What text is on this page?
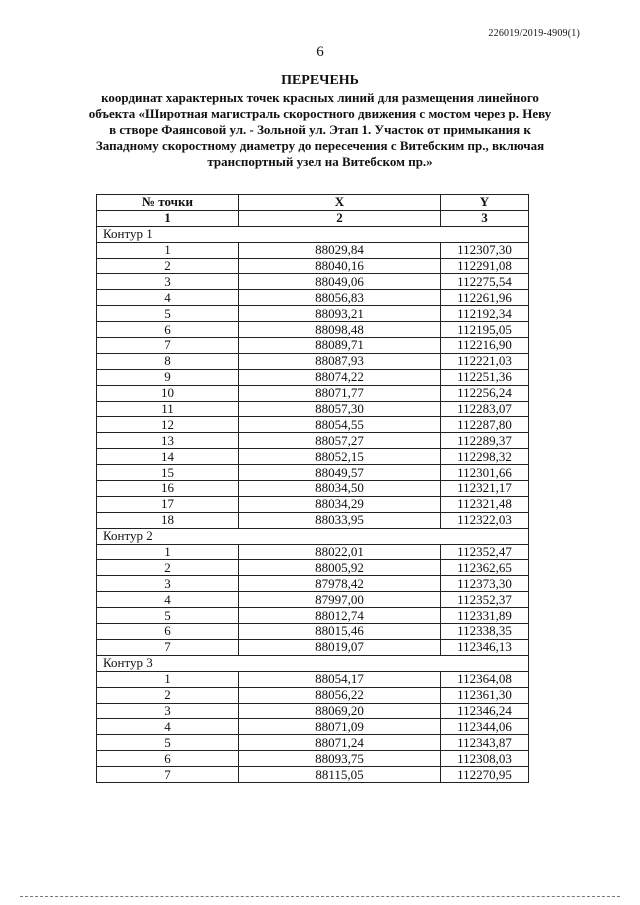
226019/2019-4909(1)
6
ПЕРЕЧЕНЬ
координат характерных точек красных линий для размещения линейного
объекта «Широтная магистраль скоростного движения с мостом через р. Неву
в створе Фаянсовой ул. - Зольной ул. Этап 1. Участок от примыкания к
Западному скоростному диаметру до пересечения с Витебским пр., включая
транспортный узел на Витебском пр.»
№ точки	X	Y
1	2	3
Контур 1		
1	88029,84	112307,30
2	88040,16	112291,08
3	88049,06	112275,54
4	88056,83	112261,96
5	88093,21	112192,34
6	88098,48	112195,05
7	88089,71	112216,90
8	88087,93	112221,03
9	88074,22	112251,36
10	88071,77	112256,24
11	88057,30	112283,07
12	88054,55	112287,80
13	88057,27	112289,37
14	88052,15	112298,32
15	88049,57	112301,66
16	88034,50	112321,17
17	88034,29	112321,48
18	88033,95	112322,03
Контур 2		
1	88022,01	112352,47
2	88005,92	112362,65
3	87978,42	112373,30
4	87997,00	112352,37
5	88012,74	112331,89
6	88015,46	112338,35
7	88019,07	112346,13
Контур 3		
1	88054,17	112364,08
2	88056,22	112361,30
3	88069,20	112346,24
4	88071,09	112344,06
5	88071,24	112343,87
6	88093,75	112308,03
7	88115,05	112270,95
